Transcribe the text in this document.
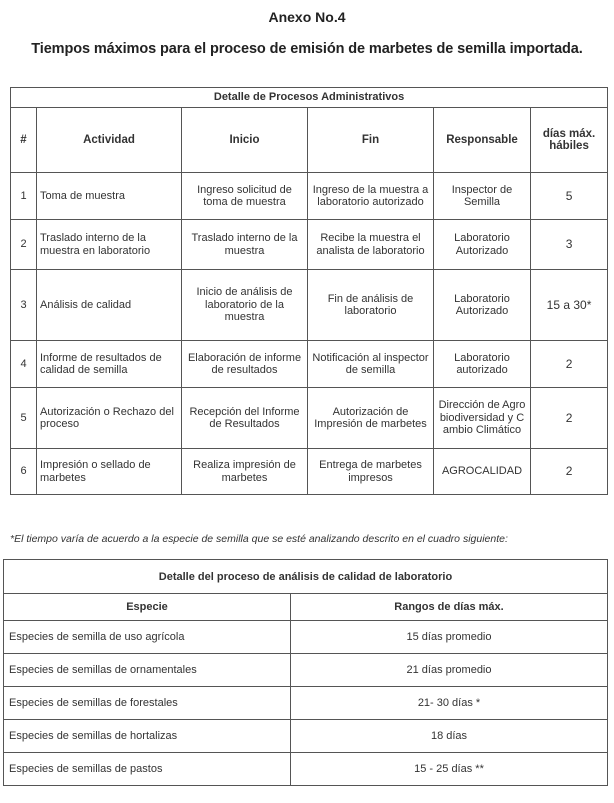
Anexo No.4
Tiempos máximos para el proceso de emisión de marbetes de semilla importada.
Detalle de Procesos Administrativos					
#	Actividad	Inicio	Fin	Responsable	días máx. hábiles
1	Toma de muestra	Ingreso solicitud de toma de muestra	Ingreso de la muestra a laboratorio autorizado	Inspector de Semilla	5
2	Traslado interno de la muestra en laboratorio	Traslado interno de la muestra	Recibe la muestra el analista de laboratorio	Laboratorio Autorizado	3
3	Análisis de calidad	Inicio de análisis de laboratorio de la muestra	Fin de análisis de laboratorio	Laboratorio Autorizado	15 a 30*
4	Informe de resultados de calidad de semilla	Elaboración de informe de resultados	Notificación al inspector de semilla	Laboratorio autorizado	2
5	Autorización o Rechazo del proceso	Recepción del Informe de Resultados	Autorización de Impresión de marbetes	Dirección de Agrobiodiversidad y Cambio Climático	2
6	Impresión o sellado de marbetes	Realiza impresión de marbetes	Entrega de marbetes impresos	AGROCALIDAD	2
*El tiempo varía de acuerdo a la especie de semilla que se esté analizando descrito en el cuadro siguiente:
Detalle del proceso de análisis de calidad de laboratorio	
Especie	Rangos de días máx.
Especies de semilla de uso agrícola	15 días promedio
Especies de semillas de ornamentales	21 días promedio
Especies de semillas de forestales	21- 30 días *
Especies de semillas de hortalizas	18 días
Especies de semillas de pastos	15 - 25 días **
